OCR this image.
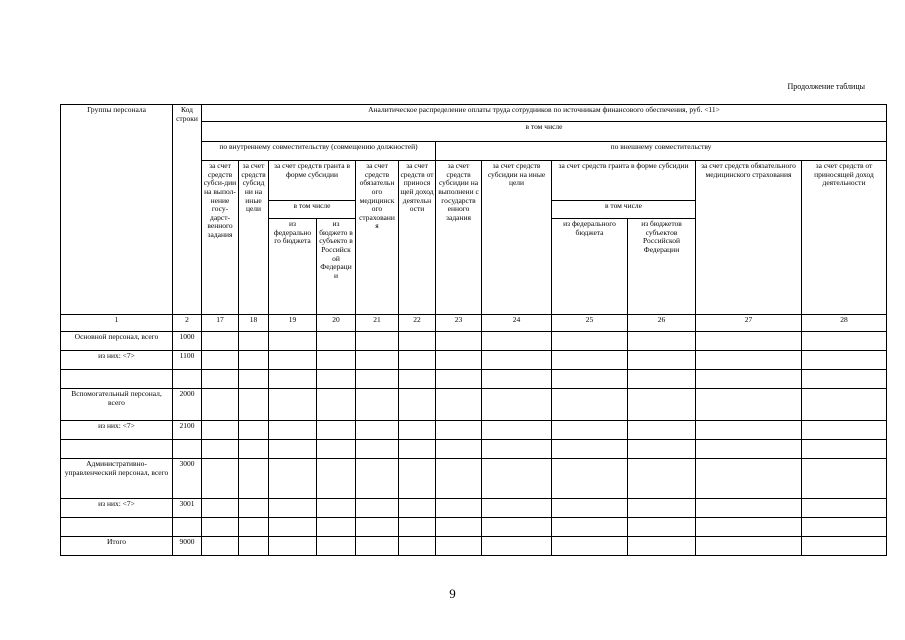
Продолжение таблицы
Группы персонала	Код строки	Аналитическое распределение оплаты труда сотрудников по источникам финансового обеспечения, руб. <11>											
		в том числе											
		по внутреннему совместительству (совмещению должностей)						по внешнему совместительству					
		за счет средств субси-дии на выпол-нение госу-дарст-венного задания	за счет средств субсид ни на иные цели	за счет средств гранта в форме субсидии		за счет средств обязательн ого медицинск ого страховани я	за счет средств от принося щей доход деятельн ости	за счет средств субсидии на выполнени с государств енного задания	за счет средств субсидии на иные цели	за счет средств гранта в форме субсидии		за счет средств обязательного медицинского страхования	за счет средств от приносящей доход деятельности
				в том числе						в том числе			
				из федерально го бюджета	из бюджето в субъекто в Российск ой Федераци и					из федерального бюджета	из бюджетов субъектов Российской Федерации		
1	2	17	18	19	20	21	22	23	24	25	26	27	28
Основной персонал, всего	1000												
из них: <7>	1100												

Вспомогательный персонал, всего	2000												
из них: <7>	2100												

Административно-управленческий персонал, всего	3000												
из них: <7>	3001												

Итого	9000												
9
